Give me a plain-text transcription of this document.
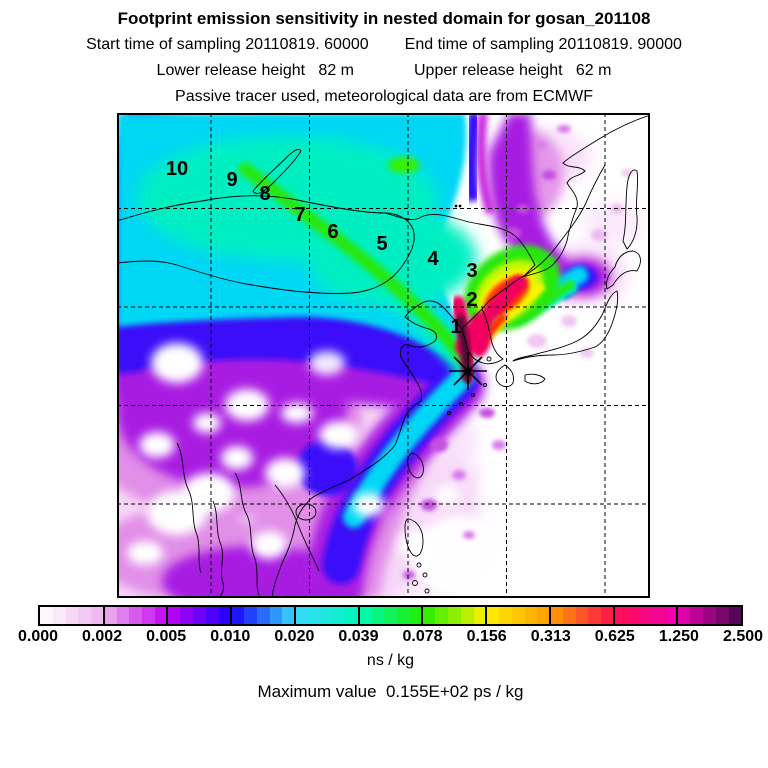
Footprint emission sensitivity in nested domain for gosan_201108
Start time of sampling 20110819. 60000 End time of sampling 20110819. 90000
Lower release height   82 m	Upper release height   62 m
Passive tracer used, meteorological data are from ECMWF
1
2
3
4
5
6
7
8
9
10
0.000 0.002 0.005 0.010 0.020 0.039 0.078 0.156 0.313 0.625 1.250 2.500
ns / kg
Maximum value  0.155E+02 ps / kg
